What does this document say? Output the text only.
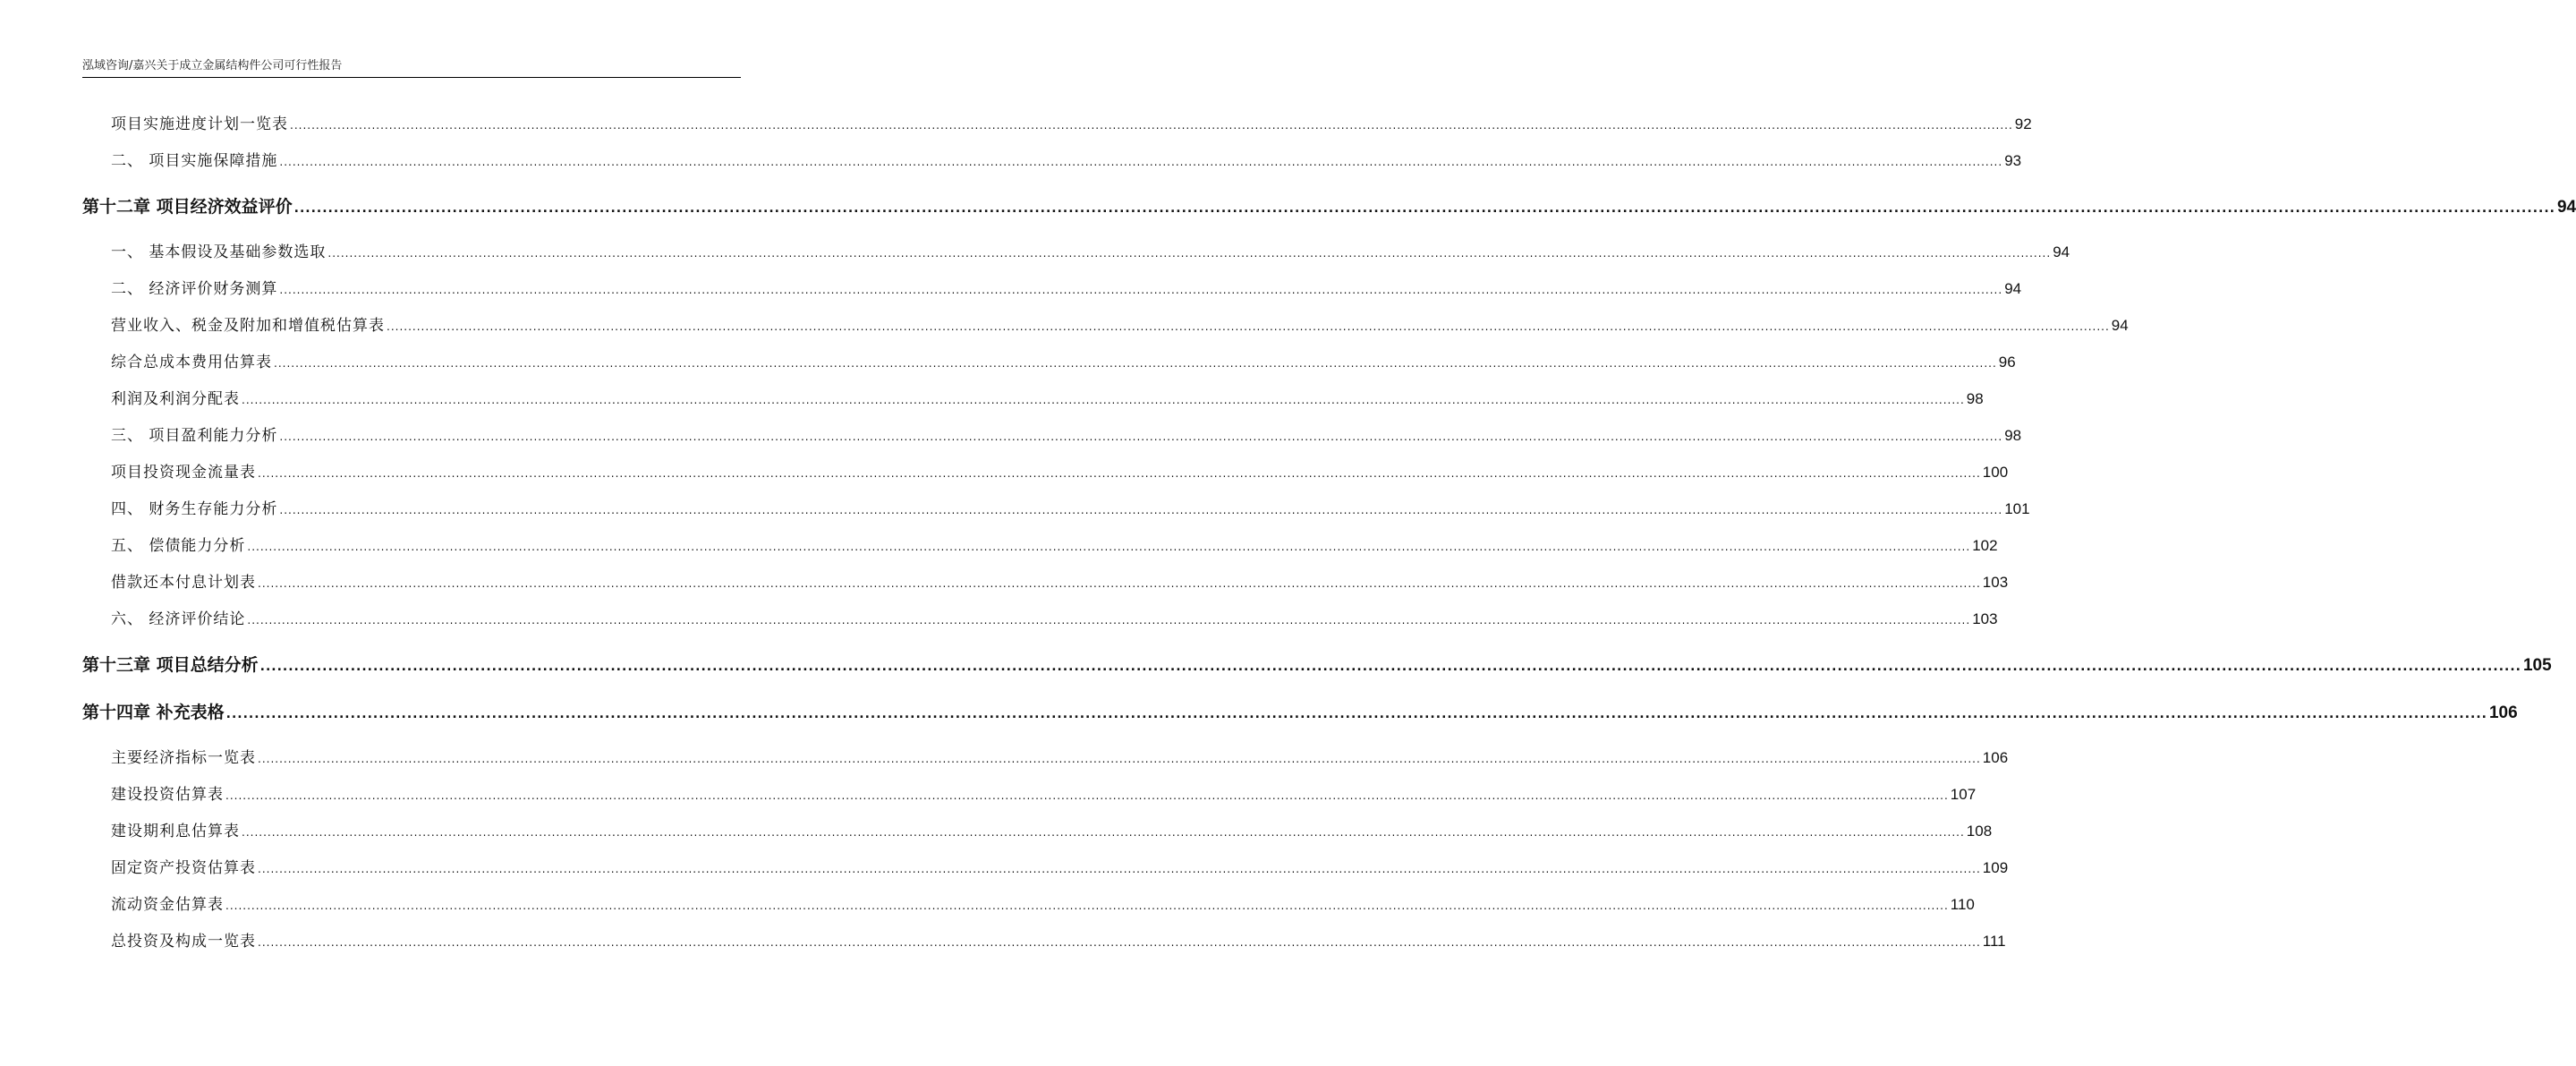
泓域咨询/嘉兴关于成立金属结构件公司可行性报告
项目实施进度计划一览表 ................................................................................................................................................................................................................................................................................................................................................................................................................ 92
二、 项目实施保障措施 ................................................................................................................................................................................................................................................................................................................................................................................................................ 93
第十二章 项目经济效益评价 ................................................................................................................................................................................................................................................................................................................................................................................................................ 94
一、 基本假设及基础参数选取 ................................................................................................................................................................................................................................................................................................................................................................................................................ 94
二、 经济评价财务测算 ................................................................................................................................................................................................................................................................................................................................................................................................................ 94
营业收入、税金及附加和增值税估算表 ................................................................................................................................................................................................................................................................................................................................................................................................................ 94
综合总成本费用估算表 ................................................................................................................................................................................................................................................................................................................................................................................................................ 96
利润及利润分配表 ................................................................................................................................................................................................................................................................................................................................................................................................................ 98
三、 项目盈利能力分析 ................................................................................................................................................................................................................................................................................................................................................................................................................ 98
项目投资现金流量表 ................................................................................................................................................................................................................................................................................................................................................................................................................ 100
四、 财务生存能力分析 ................................................................................................................................................................................................................................................................................................................................................................................................................ 101
五、 偿债能力分析 ................................................................................................................................................................................................................................................................................................................................................................................................................ 102
借款还本付息计划表 ................................................................................................................................................................................................................................................................................................................................................................................................................ 103
六、 经济评价结论 ................................................................................................................................................................................................................................................................................................................................................................................................................ 103
第十三章 项目总结分析 ................................................................................................................................................................................................................................................................................................................................................................................................................ 105
第十四章 补充表格 ................................................................................................................................................................................................................................................................................................................................................................................................................ 106
主要经济指标一览表 ................................................................................................................................................................................................................................................................................................................................................................................................................ 106
建设投资估算表 ................................................................................................................................................................................................................................................................................................................................................................................................................ 107
建设期利息估算表 ................................................................................................................................................................................................................................................................................................................................................................................................................ 108
固定资产投资估算表 ................................................................................................................................................................................................................................................................................................................................................................................................................ 109
流动资金估算表 ................................................................................................................................................................................................................................................................................................................................................................................................................ 110
总投资及构成一览表 ................................................................................................................................................................................................................................................................................................................................................................................................................ 111
